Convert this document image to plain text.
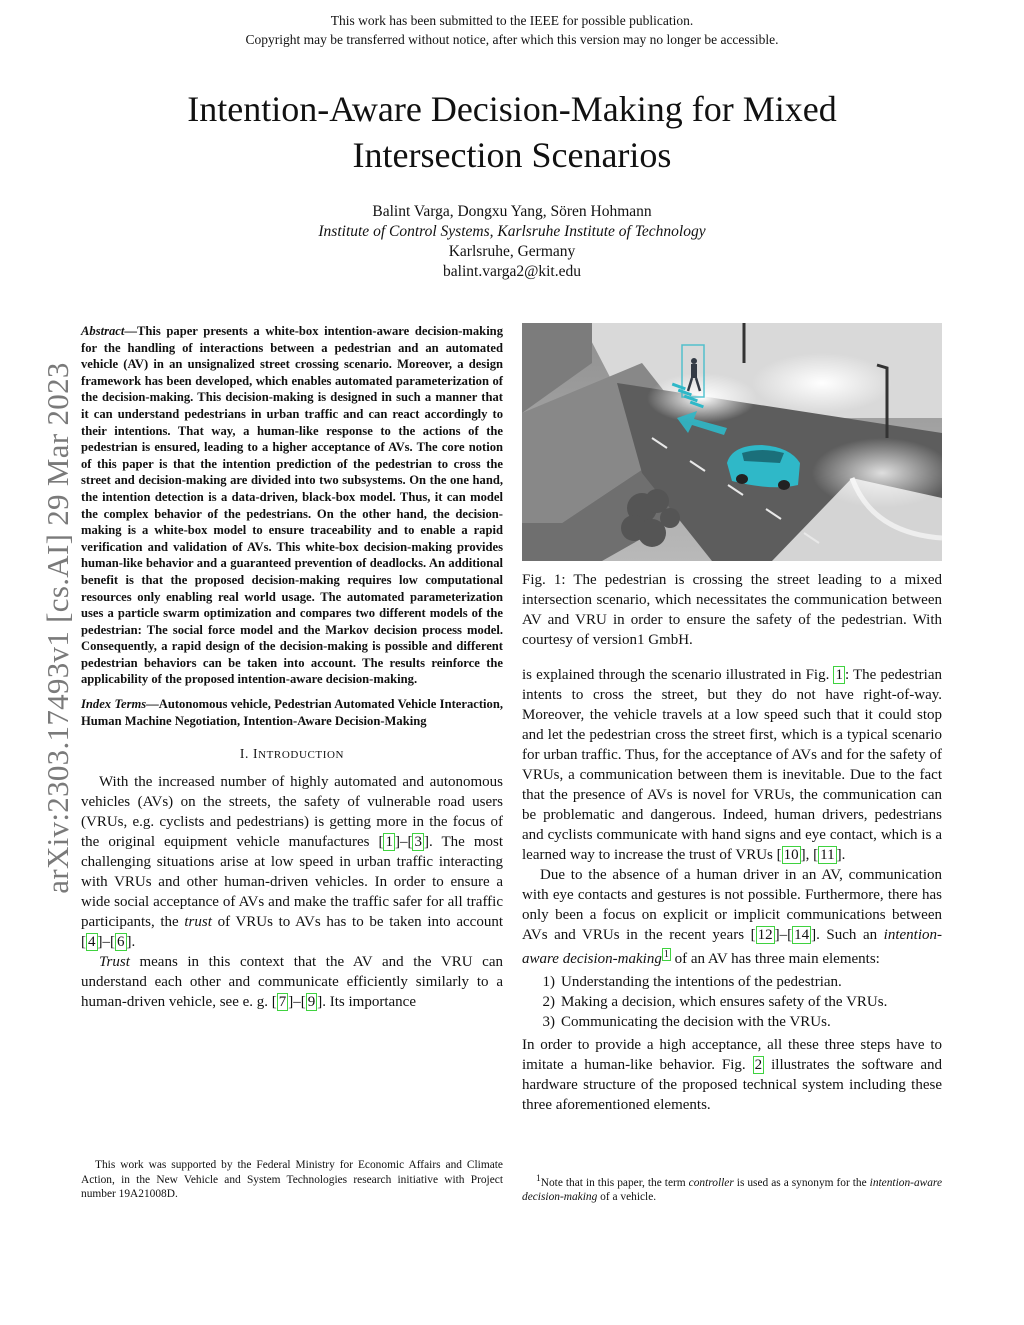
This work has been submitted to the IEEE for possible publication.
Copyright may be transferred without notice, after which this version may no longer be accessible.
arXiv:2303.17493v1 [cs.AI] 29 Mar 2023
Intention-Aware Decision-Making for Mixed
Intersection Scenarios
Balint Varga, Dongxu Yang, Sören Hohmann
Institute of Control Systems, Karlsruhe Institute of Technology
Karlsruhe, Germany
balint.varga2@kit.edu
Abstract—This paper presents a white-box intention-aware decision-making for the handling of interactions between a pedestrian and an automated vehicle (AV) in an unsignalized street crossing scenario. Moreover, a design framework has been developed, which enables automated parameterization of the decision-making. This decision-making is designed in such a manner that it can understand pedestrians in urban traffic and can react accordingly to their intentions. That way, a human-like response to the actions of the pedestrian is ensured, leading to a higher acceptance of AVs. The core notion of this paper is that the intention prediction of the pedestrian to cross the street and decision-making are divided into two subsystems. On the one hand, the intention detection is a data-driven, black-box model. Thus, it can model the complex behavior of the pedestrians. On the other hand, the decision-making is a white-box model to ensure traceability and to enable a rapid verification and validation of AVs. This white-box decision-making provides human-like behavior and a guaranteed prevention of deadlocks. An additional benefit is that the proposed decision-making requires low computational resources only enabling real world usage. The automated parameterization uses a particle swarm optimization and compares two different models of the pedestrian: The social force model and the Markov decision process model. Consequently, a rapid design of the decision-making is possible and different pedestrian behaviors can be taken into account. The results reinforce the applicability of the proposed intention-aware decision-making.
Index Terms—Autonomous vehicle, Pedestrian Automated Vehicle Interaction, Human Machine Negotiation, Intention-Aware Decision-Making
I. INTRODUCTION

With the increased number of highly automated and autonomous vehicles (AVs) on the streets, the safety of vulnerable road users (VRUs, e.g. cyclists and pedestrians) is getting more in the focus of the original equipment vehicle manufactures [ 1 ]–[ 3 ]. The most challenging situations arise at low speed in urban traffic interacting with VRUs and other human-driven vehicles. In order to ensure a wide social acceptance of AVs and make the traffic safer for all traffic participants, the trust of VRUs to AVs has to be taken into account [ 4 ]–[ 6 ].

Trust means in this context that the AV and the VRU can understand each other and communicate efficiently similarly to a human-driven vehicle, see e. g. [ 7 ]–[ 9 ]. Its importance

This work was supported by the Federal Ministry for Economic Affairs and Climate Action, in the New Vehicle and System Technologies research initiative with Project number 19A21008D.
Fig. 1: The pedestrian is crossing the street leading to a mixed intersection scenario, which necessitates the communication between AV and VRU in order to ensure the safety of the pedestrian. With courtesy of version1 GmbH.

is explained through the scenario illustrated in Fig. 1 : The pedestrian intents to cross the street, but they do not have right-of-way. Moreover, the vehicle travels at a low speed such that it could stop and let the pedestrian cross the street first, which is a typical scenario for urban traffic. Thus, for the acceptance of AVs and for the safety of VRUs, a communication between them is inevitable. Due to the fact that the presence of AVs is novel for VRUs, the communication can be problematic and dangerous. Indeed, human drivers, pedestrians and cyclists communicate with hand signs and eye contact, which is a learned way to increase the trust of VRUs [ 10 ], [ 11 ].

Due to the absence of a human driver in an AV, communication with eye contacts and gestures is not possible. Furthermore, there has only been a focus on explicit or implicit communications between AVs and VRUs in the recent years [ 12 ]–[ 14 ]. Such an intention-aware decision-making $^1$ of an AV has three main elements:

1) Understanding the intentions of the pedestrian.
2) Making a decision, which ensures safety of the VRUs.
3) Communicating the decision with the VRUs.

In order to provide a high acceptance, all these three steps have to imitate a human-like behavior. Fig. 2 illustrates the software and hardware structure of the proposed technical system including these three aforementioned elements.

$^1$Note that in this paper, the term controller is used as a synonym for the intention-aware decision-making of a vehicle.
